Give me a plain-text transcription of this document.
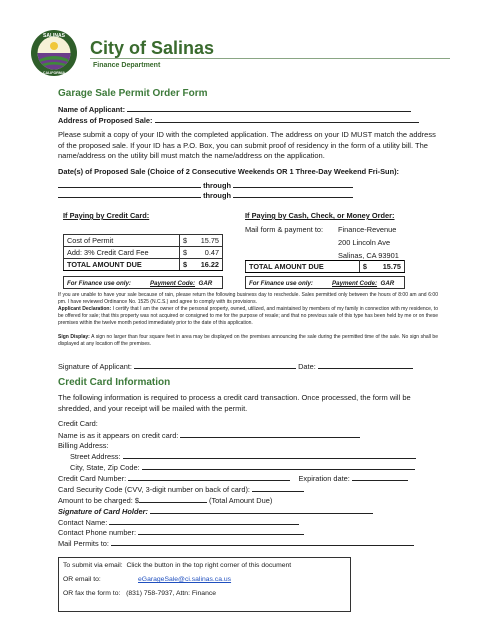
SALINAS
CALIFORNIA
City of Salinas
Finance Department
Garage Sale Permit Order Form
Name of Applicant:
Address of Proposed Sale:
Please submit a copy of your ID with the completed application. The address on your ID MUST match the address of the proposed sale. If your ID has a P.O. Box, you can submit proof of residency in the form of a utility bill. The name/address on the utility bill must match the name/address on the application.
Date(s) of Proposed Sale (Choice of 2 Consecutive Weekends OR 1 Three-Day Weekend Fri-Sun):
through
through
If Paying by Credit Card:
Cost of Permit	$	15.75
Add: 3% Credit Card Fee	$	0.47
TOTAL AMOUNT DUE	$	16.22
For Finance use only:	Payment Code: GAR
If Paying by Cash, Check, or Money Order:
Mail form & payment to: Finance-Revenue
200 Lincoln Ave
Salinas, CA 93901
TOTAL AMOUNT DUE	$	15.75
For Finance use only:	Payment Code: GAR
If you are unable to have your sale because of rain, please return the following business day to reschedule. Sales permitted only between the hours of 8:00 am and 6:00 pm. I have reviewed Ordinance No. 1525 (N.C.S.) and agree to comply with its provisions.
Applicant Declaration: I certify that I am the owner of the personal property, owned, utilized, and maintained by members of my family in connection with my residence, to be offered for sale; that this property was not acquired or consigned to me for the purpose of resale; and that no previous sale of this type has been held by me or on these premises within the twelve month period immediately prior to the date of this application.
Sign Display: A sign no larger than four square feet in area may be displayed on the premises announcing the sale during the permitted time of the sale. No sign shall be displayed at any location off the premises.
Signature of Applicant:	Date:
Credit Card Information
The following information is required to process a credit card transaction. Once processed, the form will be shredded, and your receipt will be mailed with the permit.
Credit Card:
Name is as it appears on credit card:
Billing Address:
Street Address:
City, State, Zip Code:
Credit Card Number:	Expiration date:
Card Security Code (CVV, 3-digit number on back of card):
Amount to be charged: $	(Total Amount Due)
Signature of Card Holder:
Contact Name:
Contact Phone number:
Mail Permits to:
To submit via email: Click the button in the top right corner of this document
OR email to:	eGarageSale@ci.salinas.ca.us
OR fax the form to: (831) 758-7937, Attn: Finance
